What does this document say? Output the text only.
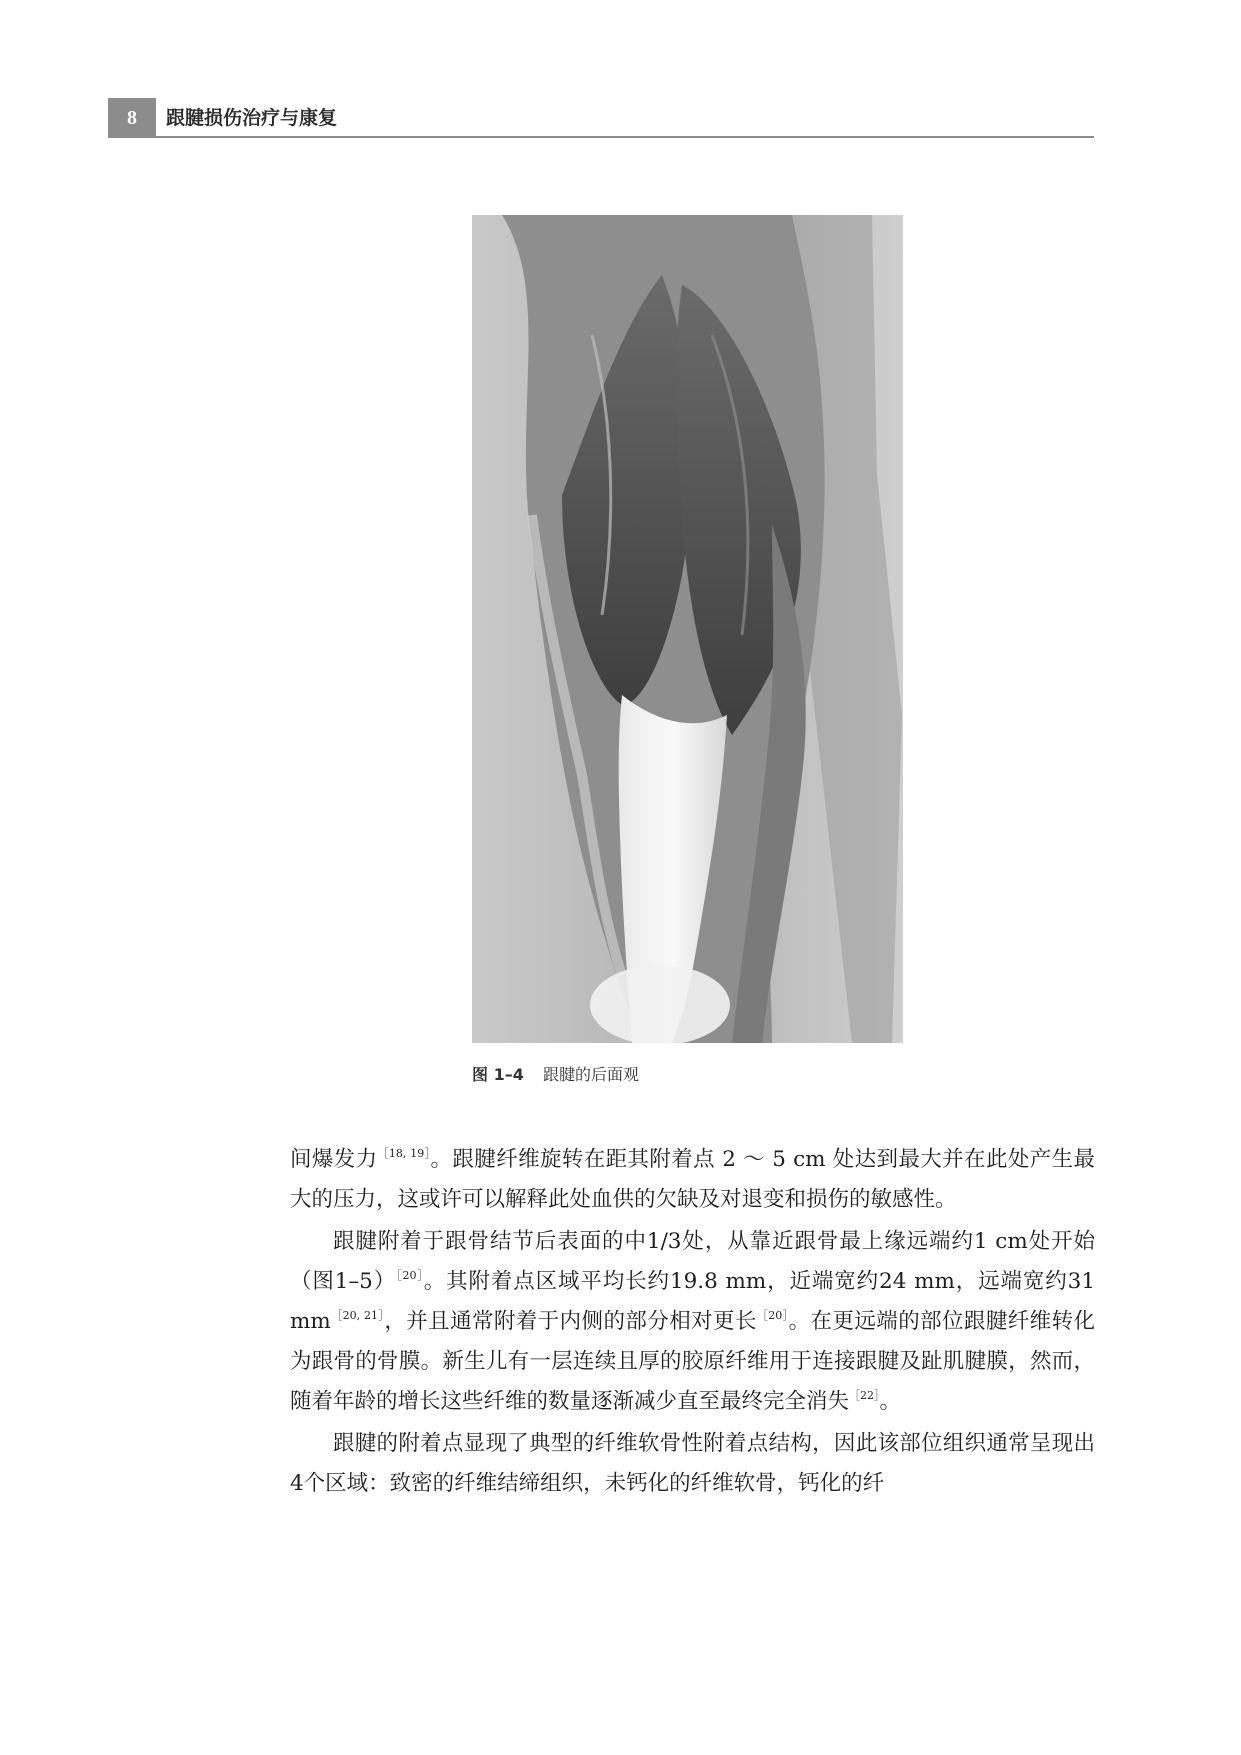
8	跟腱损伤治疗与康复
图 1–4 跟腱的后面观

间爆发力$^{[18, 19]}$。跟腱纤维旋转在距其附着点 2 ～ 5 cm 处达到最大并在此处产生最大的压力，这或许可以解释此处血供的欠缺及对退变和损伤的敏感性。

跟腱附着于跟骨结节后表面的中1/3处，从靠近跟骨最上缘远端约1 cm处开始（图1–5）$^{[20]}$。其附着点区域平均长约19.8 mm，近端宽约24 mm，远端宽约31 $mm^{[20, 21]}$，并且通常附着于内侧的部分相对更长$^{[20]}$。在更远端的部位跟腱纤维转化为跟骨的骨膜。新生儿有一层连续且厚的胶原纤维用于连接跟腱及趾肌腱膜，然而，随着年龄的增长这些纤维的数量逐渐减少直至最终完全消失$^{[22]}$。

跟腱的附着点显现了典型的纤维软骨性附着点结构，因此该部位组织通常呈现出4个区域：致密的纤维结缔组织，未钙化的纤维软骨，钙化的纤
